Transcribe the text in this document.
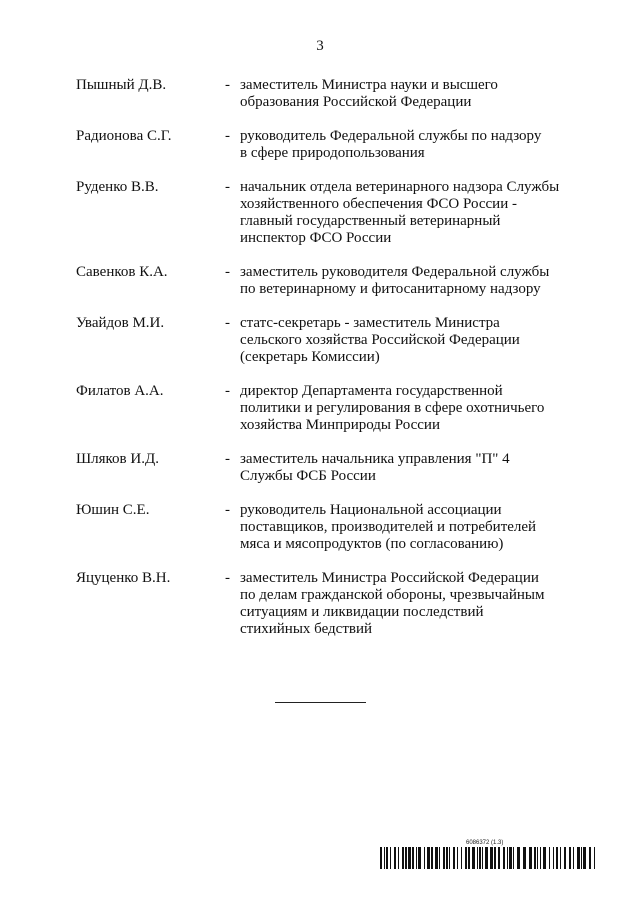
3
Пышный Д.В.	- заместитель Министра науки и высшего
образования Российской Федерации
Радионова С.Г.	- руководитель Федеральной службы по надзору
в сфере природопользования
Руденко В.В.	- начальник отдела ветеринарного надзора Службы
хозяйственного обеспечения ФСО России -
главный государственный ветеринарный
инспектор ФСО России
Савенков К.А.	- заместитель руководителя Федеральной службы
по ветеринарному и фитосанитарному надзору
Увайдов М.И.	- статс-секретарь - заместитель Министра
сельского хозяйства Российской Федерации
(секретарь Комиссии)
Филатов А.А.	- директор Департамента государственной
политики и регулирования в сфере охотничьего
хозяйства Минприроды России
Шляков И.Д.	- заместитель начальника управления "П" 4
Службы ФСБ России
Юшин С.Е.	- руководитель Национальной ассоциации
поставщиков, производителей и потребителей
мяса и мясопродуктов (по согласованию)
Яцуценко В.Н.	- заместитель Министра Российской Федерации
по делам гражданской обороны, чрезвычайным
ситуациям и ликвидации последствий
стихийных бедствий
6086372 (1.3)
